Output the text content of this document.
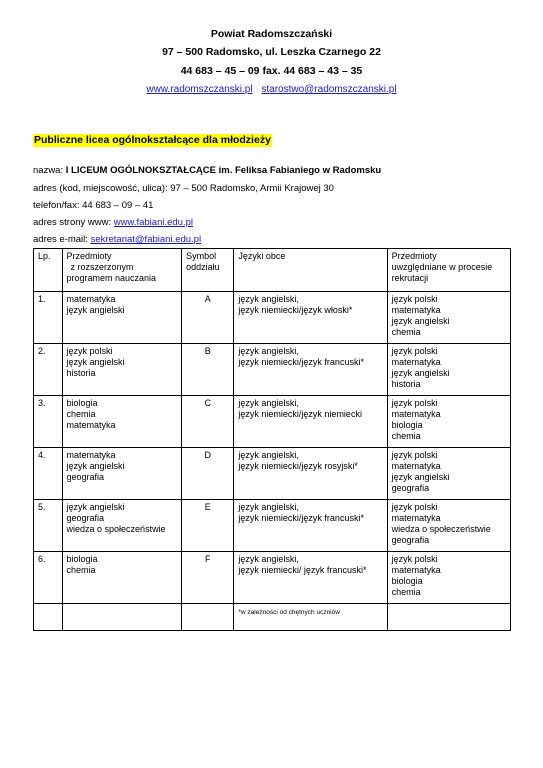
Powiat Radomszczański
97 – 500 Radomsko, ul. Leszka Czarnego 22
44 683 – 45 – 09 fax. 44 683 – 43 – 35
www.radomszczanski.pl starostwo@radomszczanski.pl
Publiczne licea ogólnokształcące dla młodzieży
nazwa: I LICEUM OGÓLNOKSZTAŁCĄCE im. Feliksa Fabianiego w Radomsku
adres (kod, miejscowość, ulica): 97 – 500 Radomsko, Armii Krajowej 30
telefon/fax: 44 683 – 09 – 41
adres strony www: www.fabiani.edu.pl
adres e-mail: sekretariat@fabiani.edu.pl
Lp.	Przedmioty
z rozszerzonym
programem nauczania	Symbol
oddziału	Języki obce	Przedmioty
uwzględniane w procesie
rekrutacji

1.	matematyka
język angielski	A	język angielski,
język niemiecki/język włoski*	język polski
matematyka
język angielski
chemia

2.	język polski
język angielski
historia	B	język angielski,
język niemiecki/język francuski*	język polski
matematyka
język angielski
historia

3.	biologia
chemia
matematyka	C	język angielski,
język niemiecki/język niemiecki	język polski
matematyka
biologia
chemia

4.	matematyka
język angielski
geografia	D	język angielski,
język niemiecki/język rosyjski*	język polski
matematyka
język angielski
geografia

5.	język angielski
geografia
wiedza o społeczeństwie	E	język angielski,
język niemiecki/język francuski*	język polski
matematyka
wiedza o społeczeństwie
geografia

6.	biologia
chemia	F	język angielski,
język niemiecki/ język francuski*	język polski
matematyka
biologia
chemia

			*w zależności od chętnych uczniów	
